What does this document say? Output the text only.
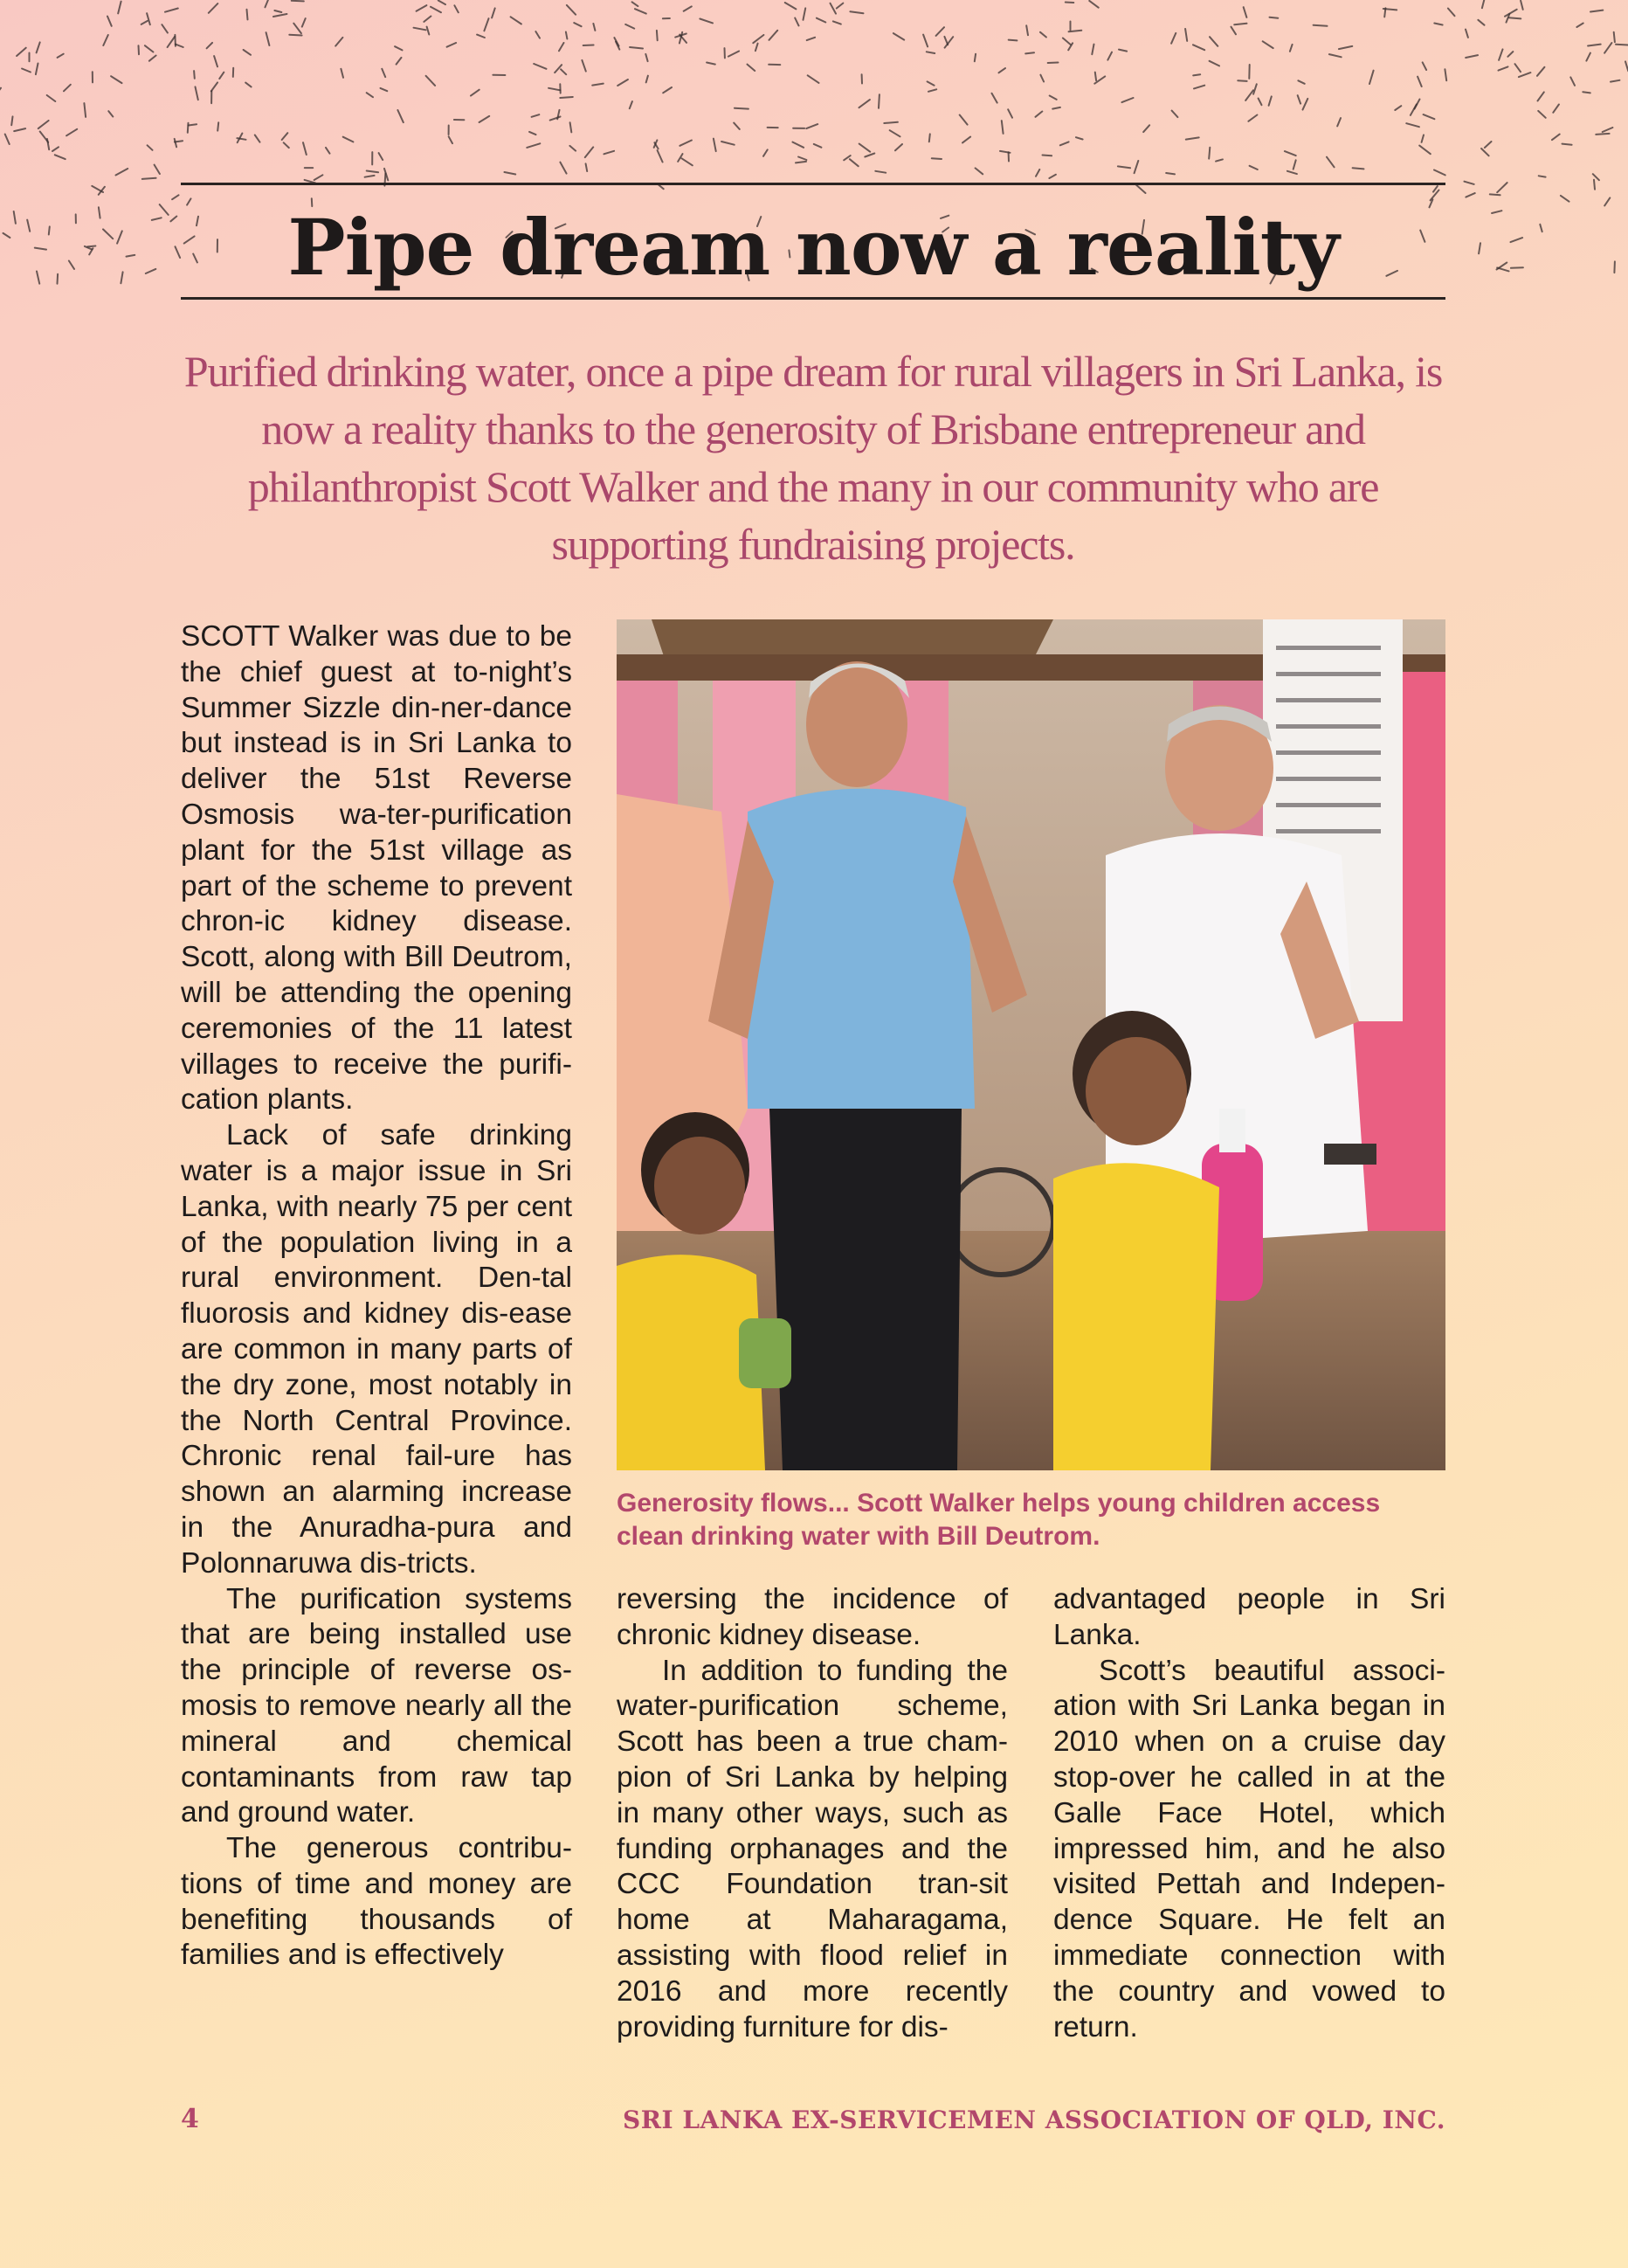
Pipe dream now a reality

Purified drinking water, once a pipe dream for rural villagers in Sri Lanka, is now a reality thanks to the generosity of Brisbane entrepreneur and philanthropist Scott Walker and the many in our community who are supporting fundraising projects.

SCOTT Walker was due to be the chief guest at to-night’s Summer Sizzle din-ner-dance but instead is in Sri Lanka to deliver the 51st Reverse Osmosis wa-ter-purification plant for the 51st village as part of the scheme to prevent chron-ic kidney disease. Scott, along with Bill Deutrom, will be attending the opening ceremonies of the 11 latest villages to receive the purifi-cation plants.

Lack of safe drinking water is a major issue in Sri Lanka, with nearly 75 per cent of the population living in a rural environment. Den-tal fluorosis and kidney dis-ease are common in many parts of the dry zone, most notably in the North Central Province. Chronic renal fail-ure has shown an alarming increase in the Anuradha-pura and Polonnaruwa dis-tricts.

The purification systems that are being installed use the principle of reverse os-mosis to remove nearly all the mineral and chemical contaminants from raw tap and ground water.

The generous contribu-tions of time and money are benefiting thousands of families and is effectively

Generosity flows... Scott Walker helps young children access clean drinking water with Bill Deutrom.

reversing the incidence of chronic kidney disease.

In addition to funding the water-purification scheme, Scott has been a true cham-pion of Sri Lanka by helping in many other ways, such as funding orphanages and the CCC Foundation tran-sit home at Maharagama, assisting with flood relief in 2016 and more recently providing furniture for dis-

advantaged people in Sri Lanka.

Scott’s beautiful associ-ation with Sri Lanka began in 2010 when on a cruise day stop-over he called in at the Galle Face Hotel, which impressed him, and he also visited Pettah and Indepen-dence Square. He felt an immediate connection with the country and vowed to return.

4	SRI LANKA EX-SERVICEMEN ASSOCIATION OF QLD, INC.
